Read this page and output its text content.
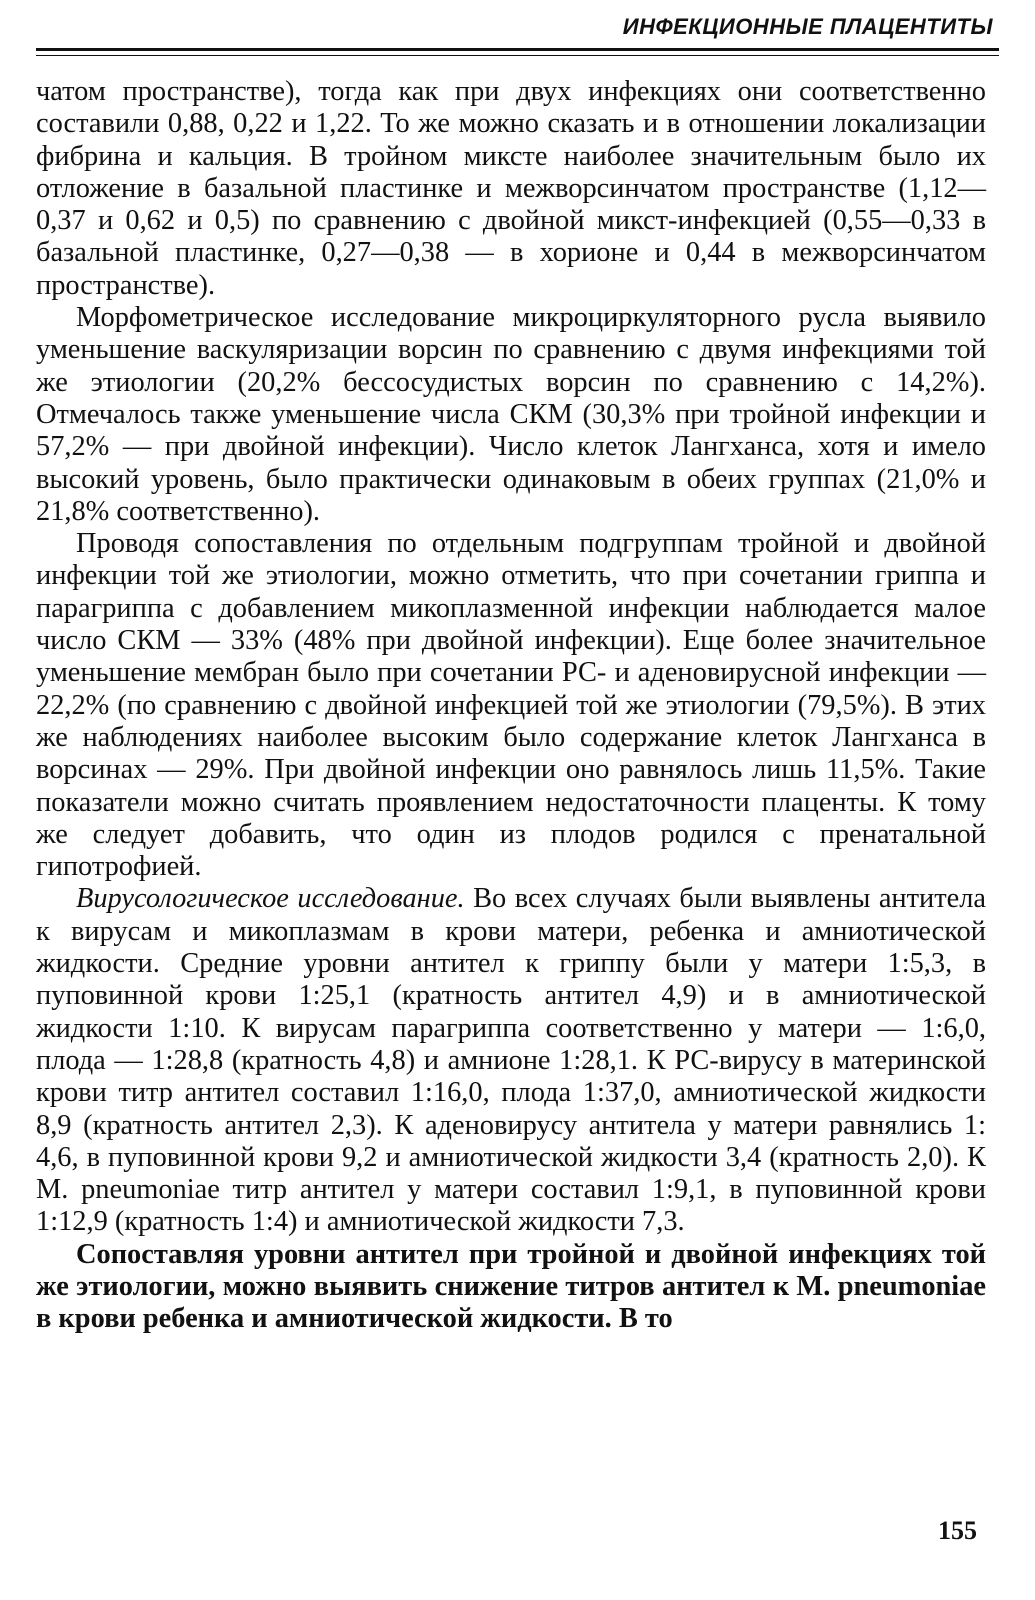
ИНФЕКЦИОННЫЕ ПЛАЦЕНТИТЫ

чатом пространстве), тогда как при двух инфекциях они соответственно составили 0,88, 0,22 и 1,22. То же можно сказать и в отношении локализации фибрина и кальция. В тройном миксте наиболее значительным было их отложение в базальной пластинке и межворсинчатом пространстве (1,12—0,37 и 0,62 и 0,5) по сравнению с двойной микст-инфекцией (0,55—0,33 в базальной пластинке, 0,27—0,38 — в хорионе и 0,44 в межворсинчатом пространстве).

Морфометрическое исследование микроциркуляторного русла выявило уменьшение васкуляризации ворсин по сравнению с двумя инфекциями той же этиологии (20,2% бессосудистых ворсин по сравнению с 14,2%). Отмечалось также уменьшение числа СКМ (30,3% при тройной инфекции и 57,2% — при двойной инфекции). Число клеток Лангханса, хотя и имело высокий уровень, было практически одинаковым в обеих группах (21,0% и 21,8% соответственно).

Проводя сопоставления по отдельным подгруппам тройной и двойной инфекции той же этиологии, можно отметить, что при сочетании гриппа и парагриппа с добавлением микоплазменной инфекции наблюдается малое число СКМ — 33% (48% при двойной инфекции). Еще более значительное уменьшение мембран было при сочетании РС- и аденовирусной инфекции — 22,2% (по сравнению с двойной инфекцией той же этиологии (79,5%). В этих же наблюдениях наиболее высоким было содержание клеток Лангханса в ворсинах — 29%. При двойной инфекции оно равнялось лишь 11,5%. Такие показатели можно считать проявлением недостаточности плаценты. К тому же следует добавить, что один из плодов родился с пренатальной гипотрофией.

Вирусологическое исследование. Во всех случаях были выявлены антитела к вирусам и микоплазмам в крови матери, ребенка и амниотической жидкости. Средние уровни антител к гриппу были у матери 1:5,3, в пуповинной крови 1:25,1 (кратность антител 4,9) и в амниотической жидкости 1:10. К вирусам парагриппа соответственно у матери — 1:6,0, плода — 1:28,8 (кратность 4,8) и амнионе 1:28,1. К РС-вирусу в материнской крови титр антител составил 1:16,0, плода 1:37,0, амниотической жидкости 8,9 (кратность антител 2,3). К аденовирусу антитела у матери равнялись 1: 4,6, в пуповинной крови 9,2 и амниотической жидкости 3,4 (кратность 2,0). К M. pneumoniae титр антител у матери составил 1:9,1, в пуповинной крови 1:12,9 (кратность 1:4) и амниотической жидкости 7,3.

Сопоставляя уровни антител при тройной и двойной инфекциях той же этиологии, можно выявить снижение титров антител к M. pneumoniae в крови ребенка и амниотической жидкости. В то

155
